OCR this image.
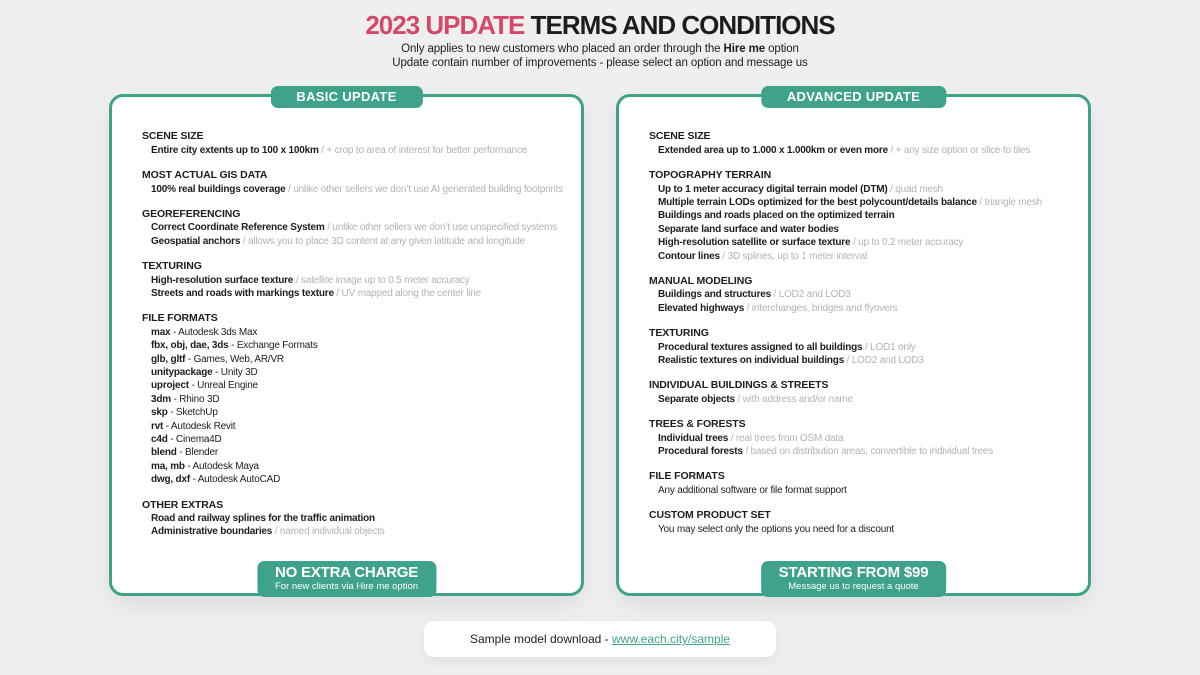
2023 UPDATE TERMS AND CONDITIONS
Only applies to new customers who placed an order through the Hire me option
Update contain number of improvements - please select an option and message us
BASIC UPDATE
SCENE SIZE
Entire city extents up to 100 x 100km / + crop to area of interest for better performance
MOST ACTUAL GIS DATA
100% real buildings coverage / unlike other sellers we don’t use AI generated building footprints
GEOREFERENCING
Correct Coordinate Reference System / unlike other sellers we don’t use unspecified systems
Geospatial anchors / allows you to place 3D content at any given latitude and longitude
TEXTURING
High-resolution surface texture / satellite image up to 0.5 meter accuracy
Streets and roads with markings texture / UV mapped along the center line
FILE FORMATS
max - Autodesk 3ds Max
fbx, obj, dae, 3ds - Exchange Formats
glb, gltf - Games, Web, AR/VR
unitypackage - Unity 3D
uproject - Unreal Engine
3dm - Rhino 3D
skp - SketchUp
rvt - Autodesk Revit
c4d - Cinema4D
blend - Blender
ma, mb - Autodesk Maya
dwg, dxf - Autodesk AutoCAD
OTHER EXTRAS
Road and railway splines for the traffic animation
Administrative boundaries / named individual objects
NO EXTRA CHARGE
For new clients via Hire me option
ADVANCED UPDATE
SCENE SIZE
Extended area up to 1.000 x 1.000km or even more / + any size option or slice to tiles
TOPOGRAPHY TERRAIN
Up to 1 meter accuracy digital terrain model (DTM) / quad mesh
Multiple terrain LODs optimized for the best polycount/details balance / triangle mesh
Buildings and roads placed on the optimized terrain
Separate land surface and water bodies
High-resolution satellite or surface texture / up to 0.2 meter accuracy
Contour lines / 3D splines, up to 1 meter interval
MANUAL MODELING
Buildings and structures / LOD2 and LOD3
Elevated highways / interchanges, bridges and flyovers
TEXTURING
Procedural textures assigned to all buildings / LOD1 only
Realistic textures on individual buildings / LOD2 and LOD3
INDIVIDUAL BUILDINGS & STREETS
Separate objects / with address and/or name
TREES & FORESTS
Individual trees / real trees from OSM data
Procedural forests / based on distribution areas, convertible to individual trees
FILE FORMATS
Any additional software or file format support
CUSTOM PRODUCT SET
You may select only the options you need for a discount
STARTING FROM $99
Message us to request a quote
Sample model download - www.each.city/sample
